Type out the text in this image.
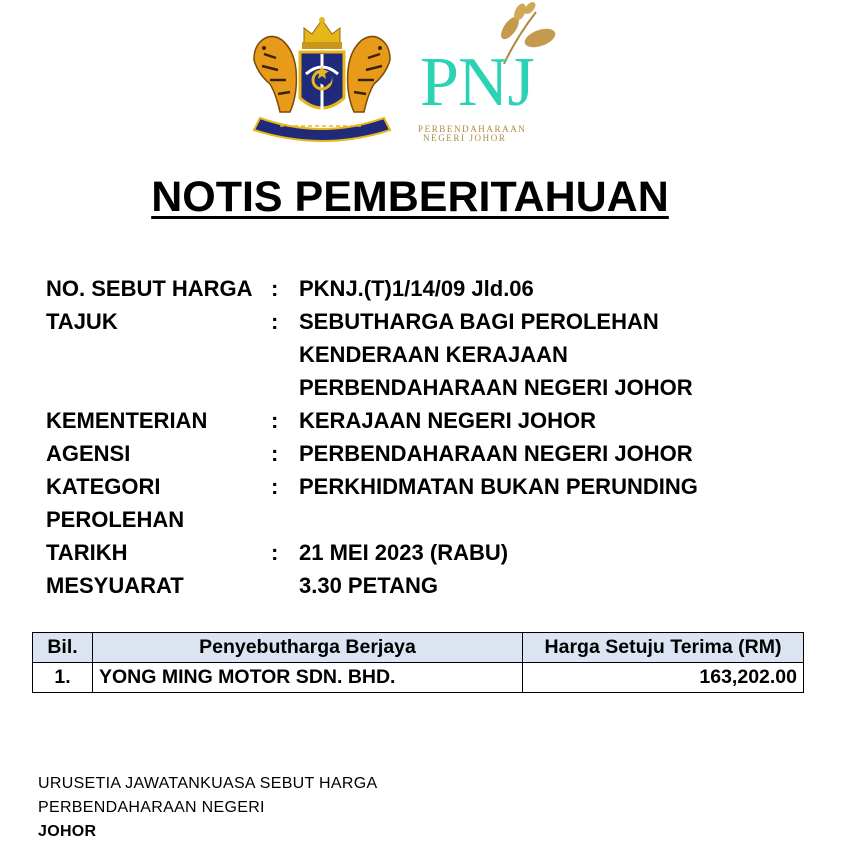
PNJ
PERBENDAHARAAN
NEGERI JOHOR
NOTIS PEMBERITAHUAN
NO. SEBUT HARGA : PKNJ.(T)1/14/09 Jld.06
TAJUK	: SEBUTHARGA BAGI PEROLEHAN
KENDERAAN KERAJAAN
PERBENDAHARAAN NEGERI JOHOR
KEMENTERIAN	: KERAJAAN NEGERI JOHOR
AGENSI	: PERBENDAHARAAN NEGERI JOHOR
KATEGORI	: PERKHIDMATAN BUKAN PERUNDING
PEROLEHAN
TARIKH	: 21 MEI 2023 (RABU)
MESYUARAT	3.30 PETANG
Bil.	Penyebutharga Berjaya	Harga Setuju Terima (RM)
1.	YONG MING MOTOR SDN. BHD.	163,202.00
URUSETIA JAWATANKUASA SEBUT HARGA
PERBENDAHARAAN NEGERI
JOHOR
